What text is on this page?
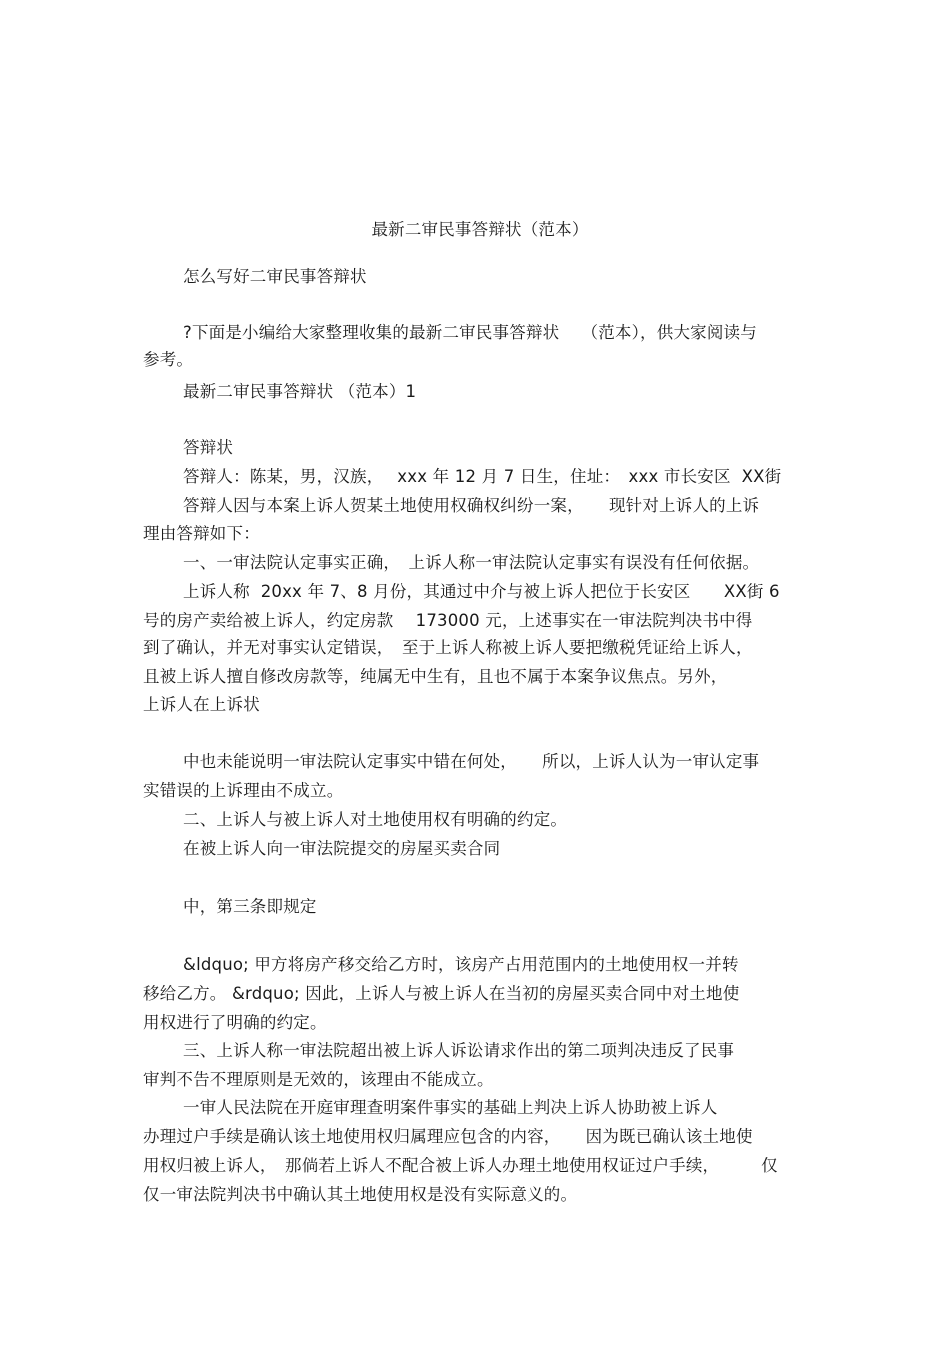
最新二审民事答辩状（范本）
怎么写好二审民事答辩状
?下面是小编给大家整理收集的最新二审民事答辩状　 （范本），供大家阅读与
参考。
最新二审民事答辩状 （范本）1
答辩状
答辩人：陈某，男，汉族，　 xxx 年 12 月 7 日生，住址：　xxx 市长安区  XX街
答辩人因与本案上诉人贺某土地使用权确权纠纷一案，　　现针对上诉人的上诉
理由答辩如下：
一、一审法院认定事实正确，　上诉人称一审法院认定事实有误没有任何依据。
上诉人称  20xx 年 7、8 月份，其通过中介与被上诉人把位于长安区　　XX街 6
号的房产卖给被上诉人，约定房款　 173000 元，上述事实在一审法院判决书中得
到了确认，并无对事实认定错误，　至于上诉人称被上诉人要把缴税凭证给上诉人，
且被上诉人擅自修改房款等，纯属无中生有，且也不属于本案争议焦点。另外，
上诉人在上诉状
中也未能说明一审法院认定事实中错在何处，　　所以，上诉人认为一审认定事
实错误的上诉理由不成立。
二、上诉人与被上诉人对土地使用权有明确的约定。
在被上诉人向一审法院提交的房屋买卖合同
中，第三条即规定
&ldquo; 甲方将房产移交给乙方时，该房产占用范围内的土地使用权一并转
移给乙方。 &rdquo; 因此，上诉人与被上诉人在当初的房屋买卖合同中对土地使
用权进行了明确的约定。
三、上诉人称一审法院超出被上诉人诉讼请求作出的第二项判决违反了民事
审判不告不理原则是无效的，该理由不能成立。
一审人民法院在开庭审理查明案件事实的基础上判决上诉人协助被上诉人
办理过户手续是确认该土地使用权归属理应包含的内容，　　因为既已确认该土地使
用权归被上诉人，　那倘若上诉人不配合被上诉人办理土地使用权证过户手续，　　　仅
仅一审法院判决书中确认其土地使用权是没有实际意义的。
